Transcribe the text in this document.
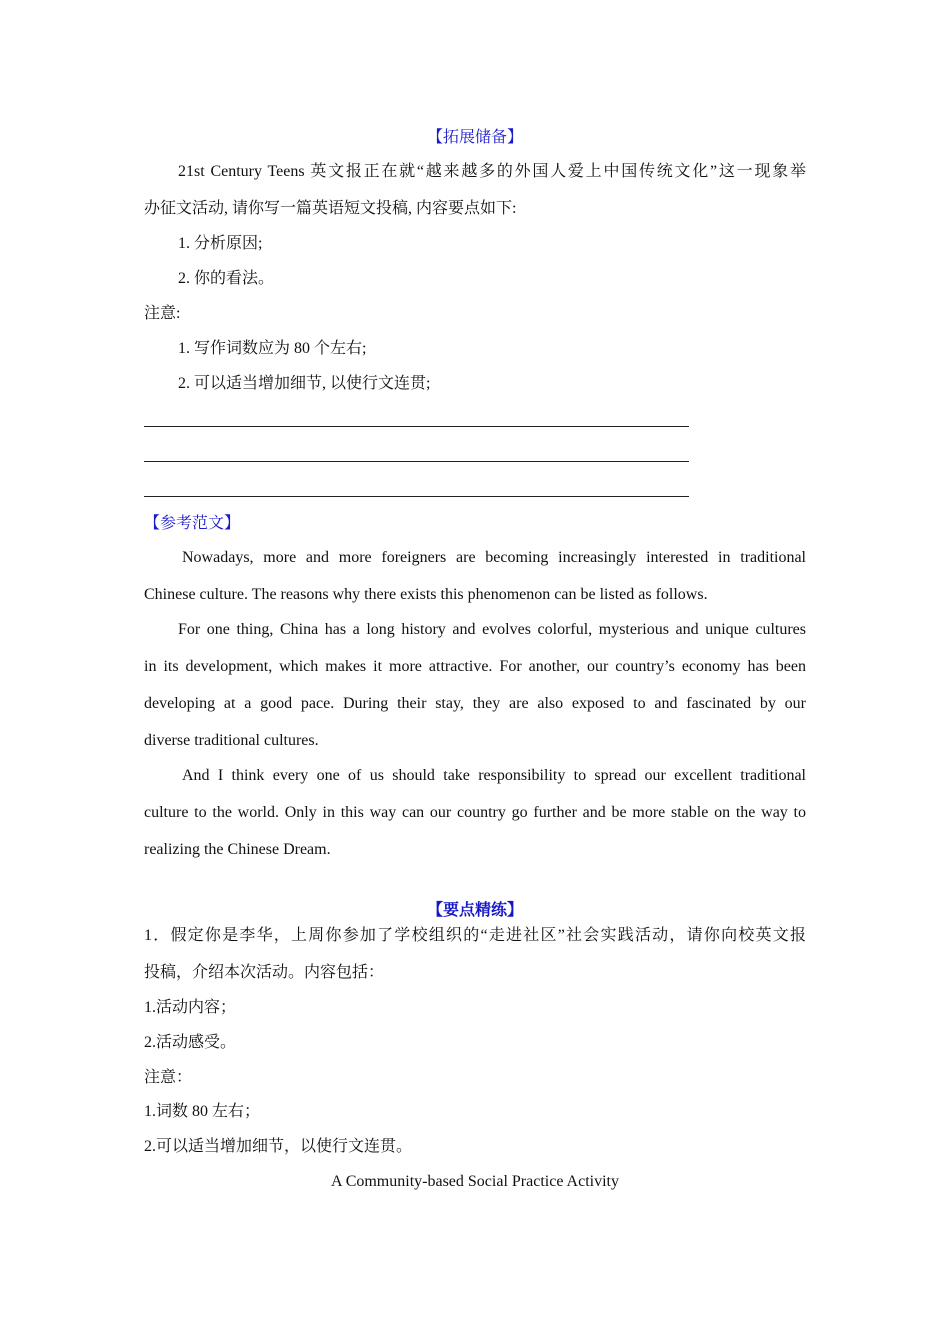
【拓展储备】
21st Century Teens 英文报正在就“越来越多的外国人爱上中国传统文化”这一现象举
办征文活动, 请你写一篇英语短文投稿, 内容要点如下:
1. 分析原因;
2. 你的看法。
注意:
1. 写作词数应为 80 个左右;
2. 可以适当增加细节, 以使行文连贯;
【参考范文】
Nowadays, more and more foreigners are becoming increasingly interested in traditional
Chinese culture. The reasons why there exists this phenomenon can be listed as follows.
For one thing, China has a long history and evolves colorful, mysterious and unique cultures
in its development, which makes it more attractive. For another, our country’s economy has been
developing at a good pace. During their stay, they are also exposed to and fascinated by our
diverse traditional cultures.
And I think every one of us should take responsibility to spread our excellent traditional
culture to the world. Only in this way can our country go further and be more stable on the way to
realizing the Chinese Dream.
【要点精练】
1．假定你是李华，上周你参加了学校组织的“走进社区”社会实践活动，请你向校英文报
投稿，介绍本次活动。内容包括：
1.活动内容；
2.活动感受。
注意：
1.词数 80 左右；
2.可以适当增加细节，以使行文连贯。
A Community-based Social Practice Activity
